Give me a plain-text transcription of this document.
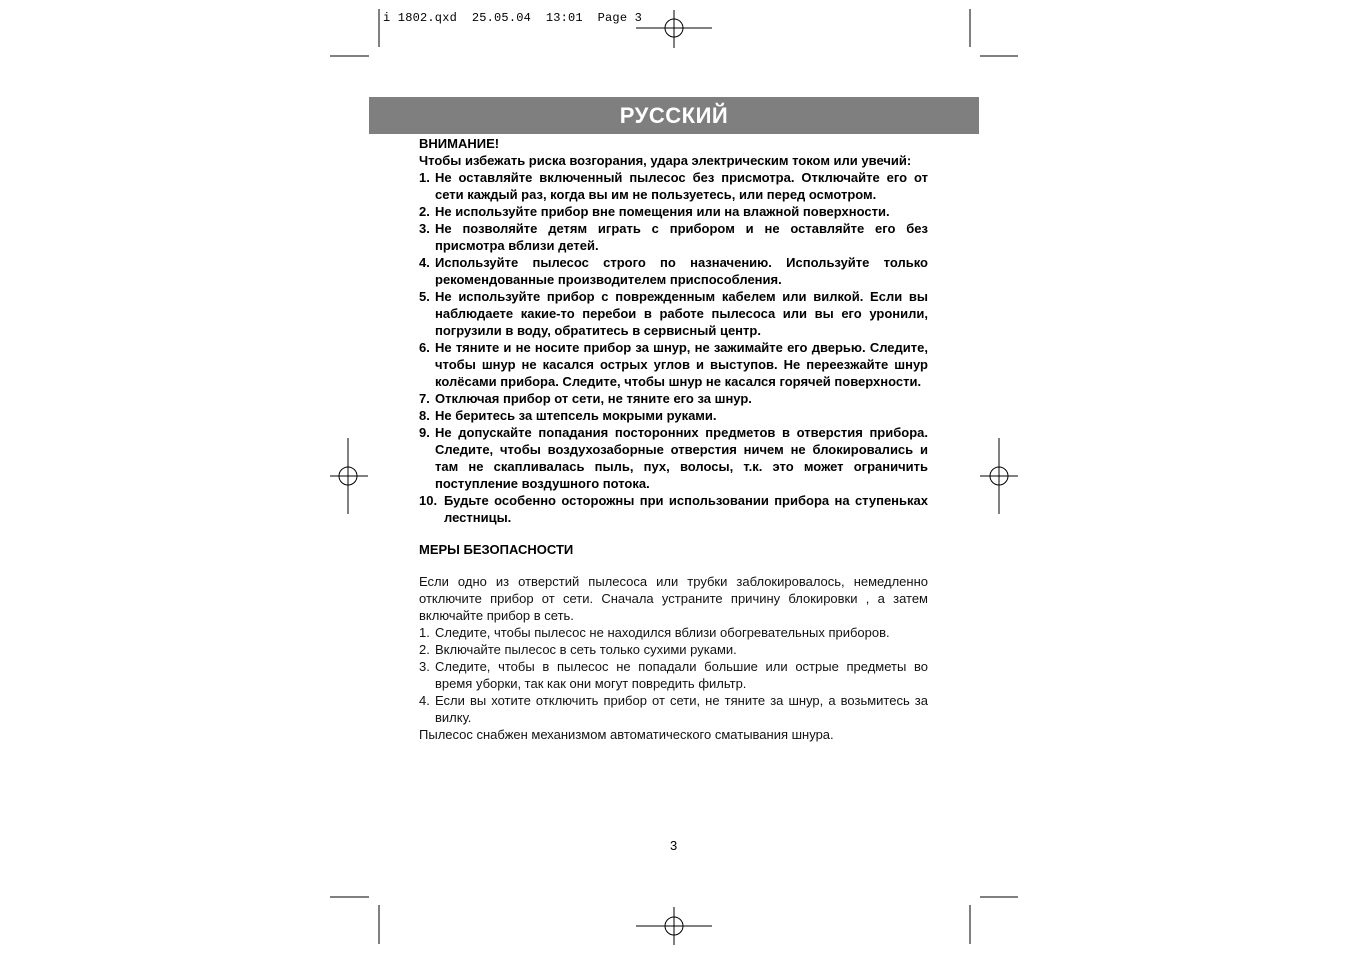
i 1802.qxd  25.05.04  13:01  Page 3
РУССКИЙ
ВНИМАНИЕ!

Чтобы избежать риска возгорания, удара электрическим током или увечий:

1. Не оставляйте включенный пылесос без присмотра. Отключайте его от сети каждый раз, когда вы им не пользуетесь, или перед осмотром.
2. Не используйте прибор вне помещения или на влажной поверхности.
3. Не позволяйте детям играть с прибором и не оставляйте его без присмотра вблизи детей.
4. Используйте пылесос строго по назначению. Используйте только рекомендованные производителем приспособления.
5. Не используйте прибор с поврежденным кабелем или вилкой. Если вы наблюдаете какие-то перебои в работе пылесоса или вы его уронили, погрузили в воду, обратитесь в сервисный центр.
6. Не тяните и не носите прибор за шнур, не зажимайте его дверью. Следите, чтобы шнур не касался острых углов и выступов. Не переезжайте шнур колёсами прибора. Следите, чтобы шнур не касался горячей поверхности.
7. Отключая прибор от сети, не тяните его за шнур.
8. Не беритесь за штепсель мокрыми руками.
9. Не допускайте попадания посторонних предметов в отверстия прибора. Следите, чтобы воздухозаборные отверстия ничем не блокировались и там не скапливалась пыль, пух, волосы, т.к. это может ограничить поступление воздушного потока.
10. Будьте особенно осторожны при использовании прибора на ступеньках лестницы.
МЕРЫ БЕЗОПАСНОСТИ

Если одно из отверстий пылесоса или трубки заблокировалось, немедленно отключите прибор от сети. Сначала устраните причину блокировки , а затем включайте прибор в сеть.

1. Следите, чтобы пылесос не находился вблизи обогревательных приборов.
2. Включайте пылесос в сеть только сухими руками.
3. Следите, чтобы в пылесос не попадали большие или острые предметы во время уборки, так как они могут повредить фильтр.
4. Если вы хотите отключить прибор от сети, не тяните за шнур, а возьмитесь за вилку.

Пылесос снабжен механизмом автоматического сматывания шнура.

3
